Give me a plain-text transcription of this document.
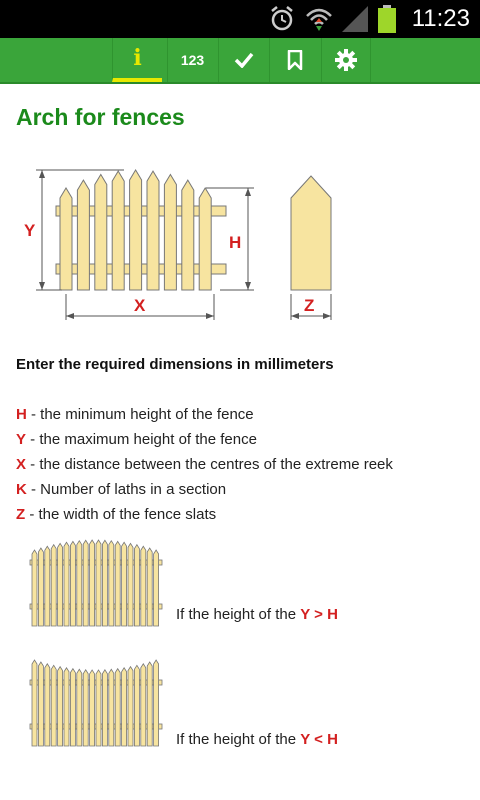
11:23
i	123
Arch for fences
Y
H
X	Z

Enter the required dimensions in millimeters

H - the minimum height of the fence
Y - the maximum height of the fence
X - the distance between the centres of the extreme reek
K - Number of laths in a section
Z - the width of the fence slats
If the height of the Y > H
If the height of the Y < H
